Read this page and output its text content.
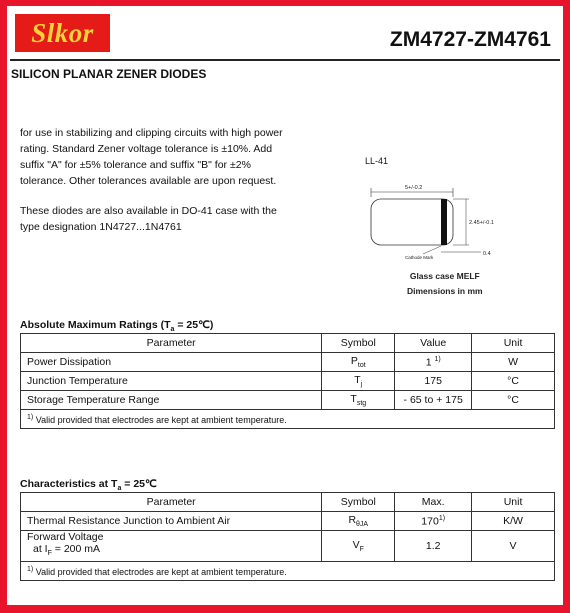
Slkor	ZM4727-ZM4761
SILICON PLANAR ZENER DIODES

for use in stabilizing and clipping circuits with high power rating. Standard Zener voltage tolerance is ±10%. Add suffix "A" for ±5% tolerance and suffix "B" for ±2% tolerance. Other tolerances available are upon request.

These diodes are also available in DO-41 case with the type designation 1N4727...1N4761

LL-41
5+/-0.2
2.45+/-0.1
0.4
Cathode Mark
Glass case MELF
Dimensions in mm
Absolute Maximum Ratings ($T_a$ = 25℃)
Parameter	Symbol	Value	Unit
Power Dissipation	$P_{tot}$	1 $^{1)}$	W
Junction Temperature	$T_j$	175	°C
Storage Temperature Range	$T_{stg}$	- 65 to + 175	°C
$^{1)}$ Valid provided that electrodes are kept at ambient temperature.			
Characteristics at $T_a$ = 25℃
Parameter	Symbol	Max.	Unit
Thermal Resistance Junction to Ambient Air	$R_{\theta JA}$	170$^{1)}$	K/W
Forward Voltage
at $I_F = 200$ mA	$V_F$	1.2	V
$^{1)}$ Valid provided that electrodes are kept at ambient temperature.			
